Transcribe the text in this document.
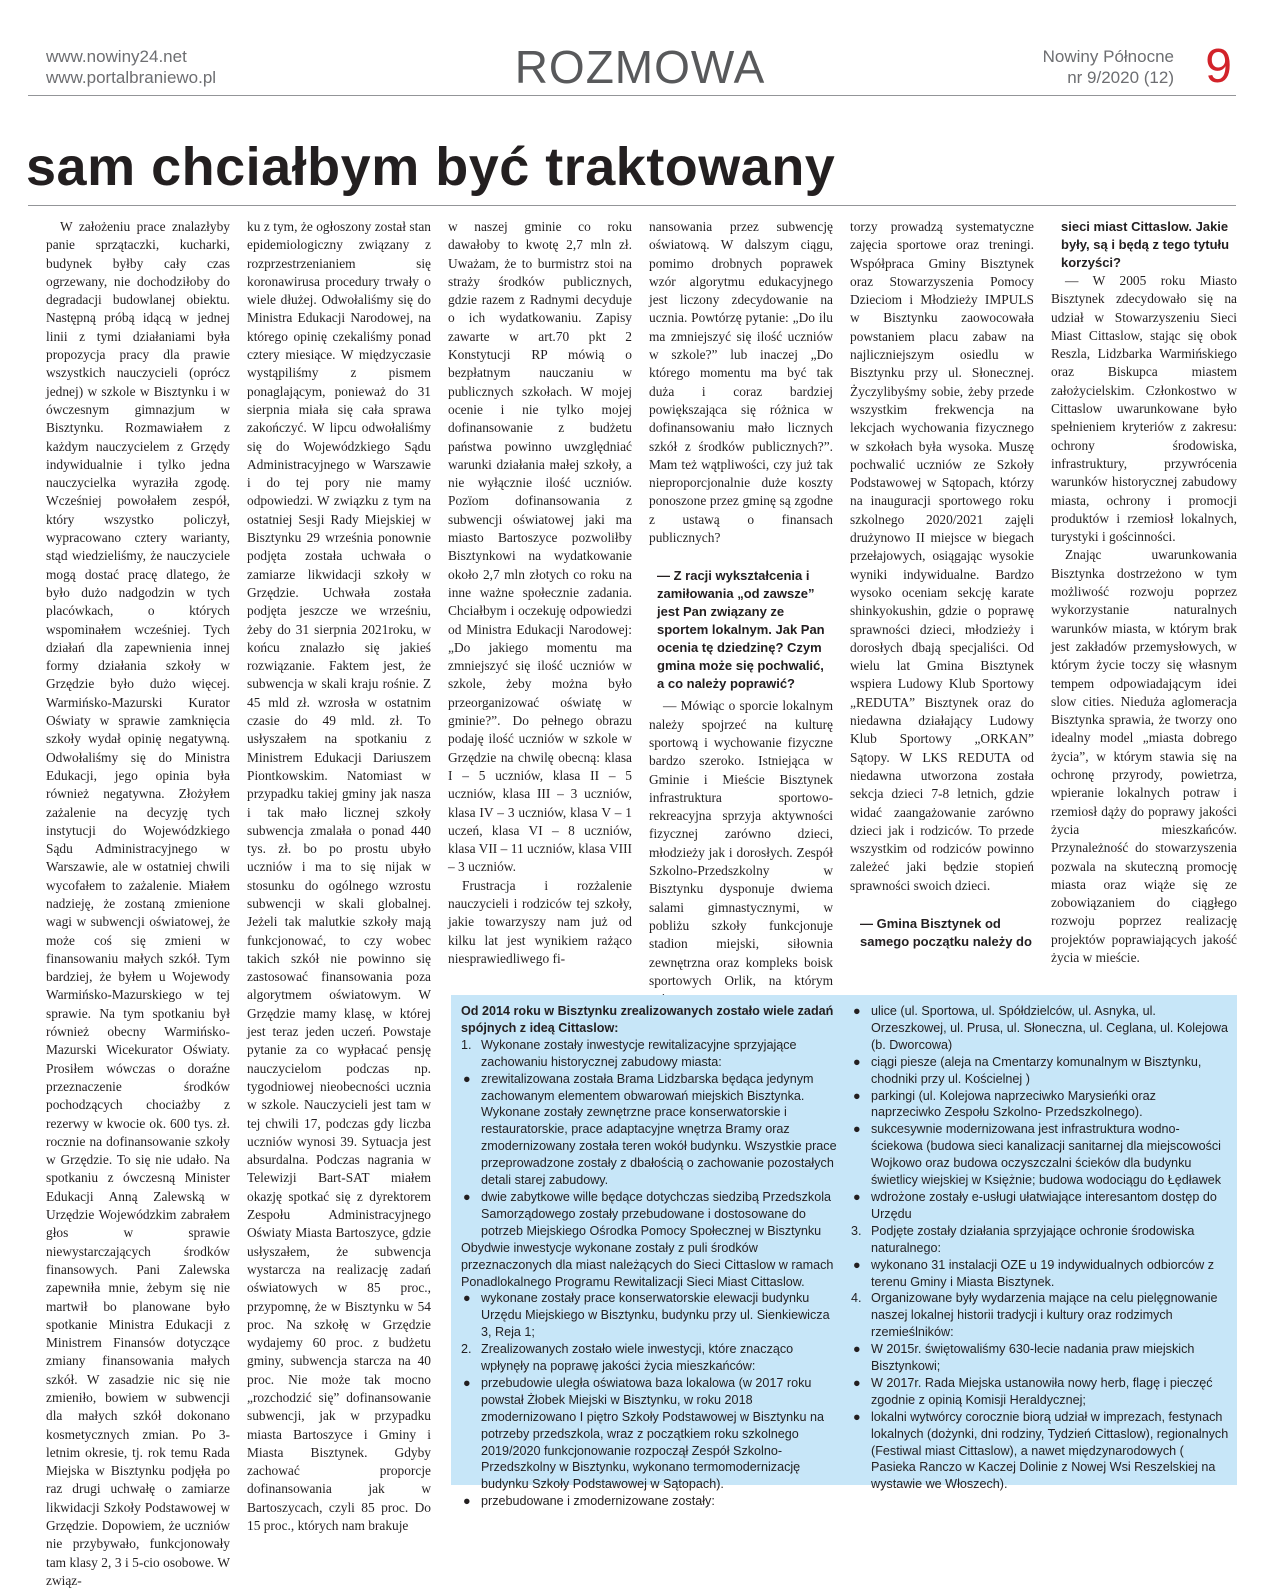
www.nowiny24.net
www.portalbraniewo.pl	ROZMOWA	Nowiny Północne
nr 9/2020 (12) 9
sam chciałbym być traktowany

W założeniu prace znalazłyby panie sprzątaczki, kucharki, budynek byłby cały czas ogrzewany, nie dochodziłoby do degradacji budowlanej obiektu. Następną próbą idącą w jednej linii z tymi działaniami była propozycja pracy dla prawie wszystkich nauczycieli (oprócz jednej) w szkole w Bisztynku i w ówczesnym gimnazjum w Bisztynku. Rozmawiałem z każdym nauczycielem z Grzędy indywidualnie i tylko jedna nauczycielka wyraziła zgodę. Wcześniej powołałem zespół, który wszystko policzył, wypracowano cztery warianty, stąd wiedzieliśmy, że nauczyciele mogą dostać pracę dlatego, że było dużo nadgodzin w tych placówkach, o których wspominałem wcześniej. Tych działań dla zapewnienia innej formy działania szkoły w Grzędzie było dużo więcej. Warmińsko-Mazurski Kurator Oświaty w sprawie zamknięcia szkoły wydał opinię negatywną. Odwołaliśmy się do Ministra Edukacji, jego opinia była również negatywna. Złożyłem zażalenie na decyzję tych instytucji do Wojewódzkiego Sądu Administracyjnego w Warszawie, ale w ostatniej chwili wycofałem to zażalenie. Miałem nadzieję, że zostaną zmienione wagi w subwencji oświatowej, że może coś się zmieni w finansowaniu małych szkół. Tym bardziej, że byłem u Wojewody Warmińsko-Mazurskiego w tej sprawie. Na tym spotkaniu był również obecny Warmińsko-Mazurski Wicekurator Oświaty. Prosiłem wówczas o doraźne przeznaczenie środków pochodzących chociażby z rezerwy w kwocie ok. 600 tys. zł. rocznie na dofinansowanie szkoły w Grzędzie. To się nie udało. Na spotkaniu z ówczesną Minister Edukacji Anną Zalewską w Urzędzie Wojewódzkim zabrałem głos w sprawie niewystarczających środków finansowych. Pani Zalewska zapewniła mnie, żebym się nie martwił bo planowane było spotkanie Ministra Edukacji z Ministrem Finansów dotyczące zmiany finansowania małych szkół. W zasadzie nic się nie zmieniło, bowiem w subwencji dla małych szkół dokonano kosmetycznych zmian. Po 3-letnim okresie, tj. rok temu Rada Miejska w Bisztynku podjęła po raz drugi uchwałę o zamiarze likwidacji Szkoły Podstawowej w Grzędzie. Dopowiem, że uczniów nie przybywało, funkcjonowały tam klasy 2, 3 i 5-cio osobowe. W związ-

ku z tym, że ogłoszony został stan epidemiologiczny związany z rozprzestrzenianiem się koronawirusa procedury trwały o wiele dłużej. Odwołaliśmy się do Ministra Edukacji Narodowej, na którego opinię czekaliśmy ponad cztery miesiące. W międzyczasie wystąpiliśmy z pismem ponaglającym, ponieważ do 31 sierpnia miała się cała sprawa zakończyć. W lipcu odwołaliśmy się do Wojewódzkiego Sądu Administracyjnego w Warszawie i do tej pory nie mamy odpowiedzi. W związku z tym na ostatniej Sesji Rady Miejskiej w Bisztynku 29 września ponownie podjęta została uchwała o zamiarze likwidacji szkoły w Grzędzie. Uchwała została podjęta jeszcze we wrześniu, żeby do 31 sierpnia 2021roku, w końcu znalazło się jakieś rozwiązanie. Faktem jest, że subwencja w skali kraju rośnie. Z 45 mld zł. wzrosła w ostatnim czasie do 49 mld. zł. To usłyszałem na spotkaniu z Ministrem Edukacji Dariuszem Piontkowskim. Natomiast w przypadku takiej gminy jak nasza i tak mało licznej szkoły subwencja zmalała o ponad 440 tys. zł. bo po prostu ubyło uczniów i ma to się nijak w stosunku do ogólnego wzrostu subwencji w skali globalnej. Jeżeli tak malutkie szkoły mają funkcjonować, to czy wobec takich szkół nie powinno się zastosować finansowania poza algorytmem oświatowym. W Grzędzie mamy klasę, w której jest teraz jeden uczeń. Powstaje pytanie za co wypłacać pensję nauczycielom podczas np. tygodniowej nieobecności ucznia w szkole. Nauczycieli jest tam w tej chwili 17, podczas gdy liczba uczniów wynosi 39. Sytuacja jest absurdalna. Podczas nagrania w Telewizji Bart-SAT miałem okazję spotkać się z dyrektorem Zespołu Administracyjnego Oświaty Miasta Bartoszyce, gdzie usłyszałem, że subwencja wystarcza na realizację zadań oświatowych w 85 proc., przypomnę, że w Bisztynku w 54 proc. Na szkołę w Grzędzie wydajemy 60 proc. z budżetu gminy, subwencja starcza na 40 proc. Nie może tak mocno „rozchodzić się” dofinansowanie subwencji, jak w przypadku miasta Bartoszyce i Gminy i Miasta Bisztynek. Gdyby zachować proporcje dofinansowania jak w Bartoszycach, czyli 85 proc. Do 15 proc., których nam brakuje

w naszej gminie co roku dawałoby to kwotę 2,7 mln zł. Uważam, że to burmistrz stoi na straży środków publicznych, gdzie razem z Radnymi decyduje o ich wydatkowaniu. Zapisy zawarte w art.70 pkt 2 Konstytucji RP mówią o bezpłatnym nauczaniu w publicznych szkołach. W mojej ocenie i nie tylko mojej dofinansowanie z budżetu państwa powinno uwzględniać warunki działania małej szkoły, a nie wyłącznie ilość uczniów. Pozïom dofinansowania z subwencji oświatowej jaki ma miasto Bartoszyce pozwoliłby Bisztynkowi na wydatkowanie około 2,7 mln złotych co roku na inne ważne społecznie zadania. Chciałbym i oczekuję odpowiedzi od Ministra Edukacji Narodowej: „Do jakiego momentu ma zmniejszyć się ilość uczniów w szkole, żeby można było przeorganizować oświatę w gminie?”. Do pełnego obrazu podaję ilość uczniów w szkole w Grzędzie na chwilę obecną: klasa I – 5 uczniów, klasa II – 5 uczniów, klasa III – 3 uczniów, klasa IV – 3 uczniów, klasa V – 1 uczeń, klasa VI – 8 uczniów, klasa VII – 11 uczniów, klasa VIII – 3 uczniów.

Frustracja i rozżalenie nauczycieli i rodziców tej szkoły, jakie towarzyszy nam już od kilku lat jest wynikiem rażąco niesprawiedliwego fi-

nansowania przez subwencję oświatową. W dalszym ciągu, pomimo drobnych poprawek wzór algorytmu edukacyjnego jest liczony zdecydowanie na ucznia. Powtórzę pytanie: „Do ilu ma zmniejszyć się ilość uczniów w szkole?” lub inaczej „Do którego momentu ma być tak duża i coraz bardziej powiększająca się różnica w dofinansowaniu mało licznych szkół z środków publicznych?”. Mam też wątpliwości, czy już tak nieproporcjonalnie duże koszty ponoszone przez gminę są zgodne z ustawą o finansach publicznych?

— Z racji wykształcenia i zamiłowania „od zawsze” jest Pan związany ze sportem lokalnym. Jak Pan ocenia tę dziedzinę? Czym gmina może się pochwalić, a co należy poprawić?

— Mówiąc o sporcie lokalnym należy spojrzeć na kulturę sportową i wychowanie fizyczne bardzo szeroko. Istniejąca w Gminie i Mieście Bisztynek infrastruktura sportowo-rekreacyjna sprzyja aktywności fizycznej zarówno dzieci, młodzieży jak i dorosłych. Zespół Szkolno-Przedszkolny w Bisztynku dysponuje dwiema salami gimnastycznymi, w pobliżu szkoły funkcjonuje stadion miejski, siłownia zewnętrzna oraz kompleks boisk sportowych Orlik, na którym

torzy prowadzą systematyczne zajęcia sportowe oraz treningi. Współpraca Gminy Bisztynek oraz Stowarzyszenia Pomocy Dzieciom i Młodzieży IMPULS w Bisztynku zaowocowała powstaniem placu zabaw na najliczniejszym osiedlu w Bisztynku przy ul. Słonecznej. Życzylibyśmy sobie, żeby przede wszystkim frekwencja na lekcjach wychowania fizycznego w szkołach była wysoka. Muszę pochwalić uczniów ze Szkoły Podstawowej w Sątopach, którzy na inauguracji sportowego roku szkolnego 2020/2021 zajęli drużynowo II miejsce w biegach przełajowych, osiągając wysokie wyniki indywidualne. Bardzo wysoko oceniam sekcję karate shinkyokushin, gdzie o poprawę sprawności dzieci, młodzieży i dorosłych dbają specjaliści. Od wielu lat Gmina Bisztynek wspiera Ludowy Klub Sportowy „REDUTA” Bisztynek oraz do niedawna działający Ludowy Klub Sportowy „ORKAN” Sątopy. W LKS REDUTA od niedawna utworzona została sekcja dzieci 7-8 letnich, gdzie widać zaangażowanie zarówno dzieci jak i rodziców. To przede wszystkim od rodziców powinno zależeć jaki będzie stopień sprawności swoich dzieci.

— Gmina Bisztynek od samego początku należy do

sieci miast Cittaslow. Jakie były, są i będą z tego tytułu korzyści?

— W 2005 roku Miasto Bisztynek zdecydowało się na udział w Stowarzyszeniu Sieci Miast Cittaslow, stając się obok Reszla, Lidzbarka Warmińskiego oraz Biskupca miastem założycielskim. Członkostwo w Cittaslow uwarunkowane było spełnieniem kryteriów z zakresu: ochrony środowiska, infrastruktury, przywrócenia warunków historycznej zabudowy miasta, ochrony i promocji produktów i rzemiosł lokalnych, turystyki i gościnności.

Znając uwarunkowania Bisztynka dostrzeżono w tym możliwość rozwoju poprzez wykorzystanie naturalnych warunków miasta, w którym brak jest zakładów przemysłowych, w którym życie toczy się własnym tempem odpowiadającym idei slow cities. Nieduża aglomeracja Bisztynka sprawia, że tworzy ono idealny model „miasta dobrego życia”, w którym stawia się na ochronę przyrody, powietrza, wpieranie lokalnych potraw i rzemiosł dąży do poprawy jakości życia mieszkańców. Przynależność do stowarzyszenia pozwala na skuteczną promocję miasta oraz wiąże się ze zobowiązaniem do ciągłego rozwoju poprzez realizację projektów poprawiających jakość życia w mieście.

Od 2014 roku w Bisztynku zrealizowanych zostało wiele zadań spójnych z ideą Cittaslow:

1. Wykonane zostały inwestycje rewitalizacyjne sprzyjające zachowaniu historycznej zabudowy miasta:

● zrewitalizowana została Brama Lidzbarska będąca jedynym zachowanym elementem obwarowań miejskich Bisztynka. Wykonane zostały zewnętrzne prace konserwatorskie i restauratorskie, prace adaptacyjne wnętrza Bramy oraz zmodernizowany została teren wokół budynku. Wszystkie prace przeprowadzone zostały z dbałością o zachowanie pozostałych detali starej zabudowy.

● dwie zabytkowe wille będące dotychczas siedzibą Przedszkola Samorządowego zostały przebudowane i dostosowane do potrzeb Miejskiego Ośrodka Pomocy Społecznej w Bisztynku

Obydwie inwestycje wykonane zostały z puli środków przeznaczonych dla miast należących do Sieci Cittaslow w ramach Ponadlokalnego Programu Rewitalizacji Sieci Miast Cittaslow.

● wykonane zostały prace konserwatorskie elewacji budynku Urzędu Miejskiego w Bisztynku, budynku przy ul. Sienkiewicza 3, Reja 1;

2. Zrealizowanych zostało wiele inwestycji, które znacząco wpłynęły na poprawę jakości życia mieszkańców:

● przebudowie uległa oświatowa baza lokalowa (w 2017 roku powstał Żłobek Miejski w Bisztynku, w roku 2018 zmodernizowano I piętro Szkoły Podstawowej w Bisztynku na potrzeby przedszkola, wraz z początkiem roku szkolnego 2019/2020 funkcjonowanie rozpoczął Zespół Szkolno- Przedszkolny w Bisztynku, wykonano termomodernizację budynku Szkoły Podstawowej w Sątopach).

● przebudowane i zmodernizowane zostały:

● ulice (ul. Sportowa, ul. Spółdzielców, ul. Asnyka, ul. Orzeszkowej, ul. Prusa, ul. Słoneczna, ul. Ceglana, ul. Kolejowa (b. Dworcowa)

● ciągi piesze (aleja na Cmentarzy komunalnym w Bisztynku, chodniki przy ul. Kościelnej )

● parkingi (ul. Kolejowa naprzeciwko Marysieńki oraz naprzeciwko Zespołu Szkolno- Przedszkolnego).

● sukcesywnie modernizowana jest infrastruktura wodno-ściekowa (budowa sieci kanalizacji sanitarnej dla miejscowości Wojkowo oraz budowa oczyszczalni ścieków dla budynku świetlicy wiejskiej w Księżnie; budowa wodociągu do Łędławek

● wdrożone zostały e-usługi ułatwiające interesantom dostęp do Urzędu

3. Podjęte zostały działania sprzyjające ochronie środowiska naturalnego:

● wykonano 31 instalacji OZE u 19 indywidualnych odbiorców z terenu Gminy i Miasta Bisztynek.

4. Organizowane były wydarzenia mające na celu pielęgnowanie naszej lokalnej historii tradycji i kultury oraz rodzimych rzemieślników:

● W 2015r. świętowaliśmy 630-lecie nadania praw miejskich Bisztynkowi;

● W 2017r. Rada Miejska ustanowiła nowy herb, flagę i pieczęć zgodnie z opinią Komisji Heraldycznej;

● lokalni wytwórcy corocznie biorą udział w imprezach, festynach lokalnych (dożynki, dni rodziny, Tydzień Cittaslow), regionalnych (Festiwal miast Cittaslow), a nawet międzynarodowych ( Pasieka Ranczo w Kaczej Dolinie z Nowej Wsi Reszelskiej na wystawie we Włoszech).
